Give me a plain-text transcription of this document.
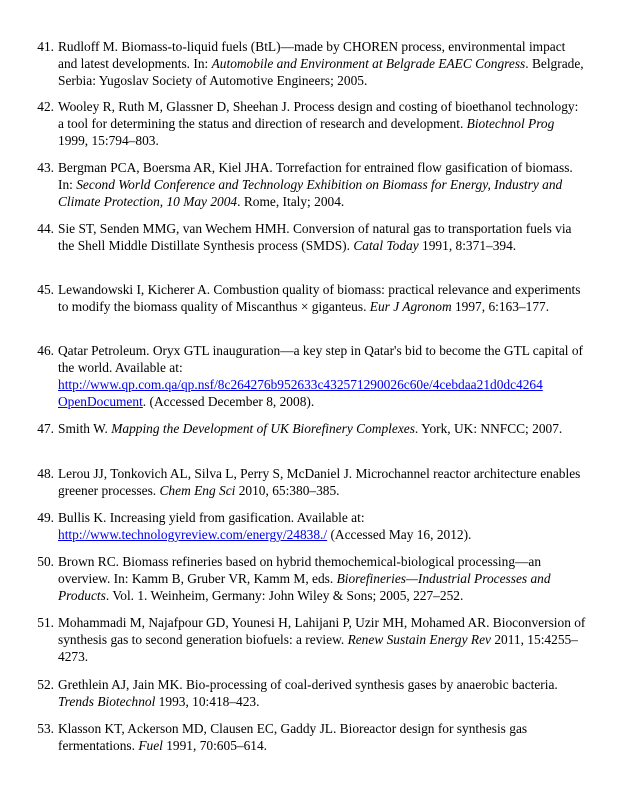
41. Rudloff M. Biomass-to-liquid fuels (BtL)—made by CHOREN process, environmental impact and latest developments. In: Automobile and Environment at Belgrade EAEC Congress. Belgrade, Serbia: Yugoslav Society of Automotive Engineers; 2005.
42. Wooley R, Ruth M, Glassner D, Sheehan J. Process design and costing of bioethanol technology: a tool for determining the status and direction of research and development. Biotechnol Prog 1999, 15:794–803.
43. Bergman PCA, Boersma AR, Kiel JHA. Torrefaction for entrained flow gasification of biomass. In: Second World Conference and Technology Exhibition on Biomass for Energy, Industry and Climate Protection, 10 May 2004. Rome, Italy; 2004.
44. Sie ST, Senden MMG, van Wechem HMH. Conversion of natural gas to transportation fuels via the Shell Middle Distillate Synthesis process (SMDS). Catal Today 1991, 8:371–394.
45. Lewandowski I, Kicherer A. Combustion quality of biomass: practical relevance and experiments to modify the biomass quality of Miscanthus × giganteus. Eur J Agronom 1997, 6:163–177.
46. Qatar Petroleum. Oryx GTL inauguration—a key step in Qatar's bid to become the GTL capital of the world. Available at:
http://www.qp.com.qa/qp.nsf/8c264276b952633c432571290026c60e/4cebdaa21d0dc4264
OpenDocument. (Accessed December 8, 2008).
47. Smith W. Mapping the Development of UK Biorefinery Complexes. York, UK: NNFCC; 2007.
48. Lerou JJ, Tonkovich AL, Silva L, Perry S, McDaniel J. Microchannel reactor architecture enables greener processes. Chem Eng Sci 2010, 65:380–385.
49. Bullis K. Increasing yield from gasification. Available at:
http://www.technologyreview.com/energy/24838./ (Accessed May 16, 2012).
50. Brown RC. Biomass refineries based on hybrid themochemical-biological processing—an overview. In: Kamm B, Gruber VR, Kamm M, eds. Biorefineries—Industrial Processes and Products. Vol. 1. Weinheim, Germany: John Wiley & Sons; 2005, 227–252.
51. Mohammadi M, Najafpour GD, Younesi H, Lahijani P, Uzir MH, Mohamed AR. Bioconversion of synthesis gas to second generation biofuels: a review. Renew Sustain Energy Rev 2011, 15:4255–4273.
52. Grethlein AJ, Jain MK. Bio-processing of coal-derived synthesis gases by anaerobic bacteria. Trends Biotechnol 1993, 10:418–423.
53. Klasson KT, Ackerson MD, Clausen EC, Gaddy JL. Bioreactor design for synthesis gas fermentations. Fuel 1991, 70:605–614.
